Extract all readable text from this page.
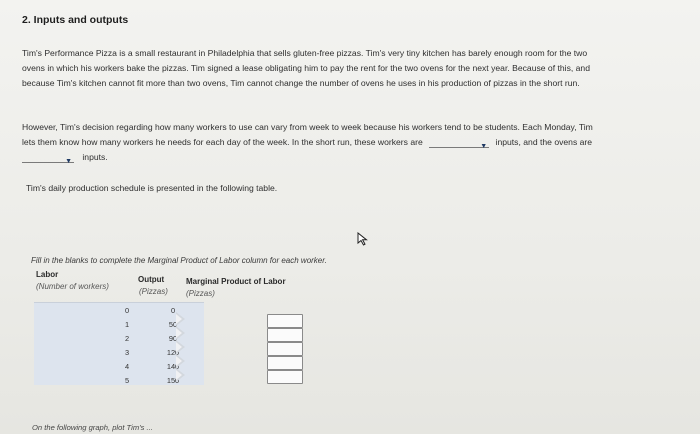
2. Inputs and outputs
Tim's Performance Pizza is a small restaurant in Philadelphia that sells gluten-free pizzas. Tim's very tiny kitchen has barely enough room for the two
ovens in which his workers bake the pizzas. Tim signed a lease obligating him to pay the rent for the two ovens for the next year. Because of this, and
because Tim's kitchen cannot fit more than two ovens, Tim cannot change the number of ovens he uses in his production of pizzas in the short run.
However, Tim's decision regarding how many workers to use can vary from week to week because his workers tend to be students. Each Monday, Tim
lets them know how many workers he needs for each day of the week. In the short run, these workers are	▼ inputs, and the ovens are
▼ inputs.
Tim's daily production schedule is presented in the following table.
Fill in the blanks to complete the Marginal Product of Labor column for each worker.
Labor
(Number of workers)
Output
(Pizzas)
Marginal Product of Labor
(Pizzas)
0	0
1	50
2	90
3	120
4	140
5	150
On the following graph, plot Tim's ...
